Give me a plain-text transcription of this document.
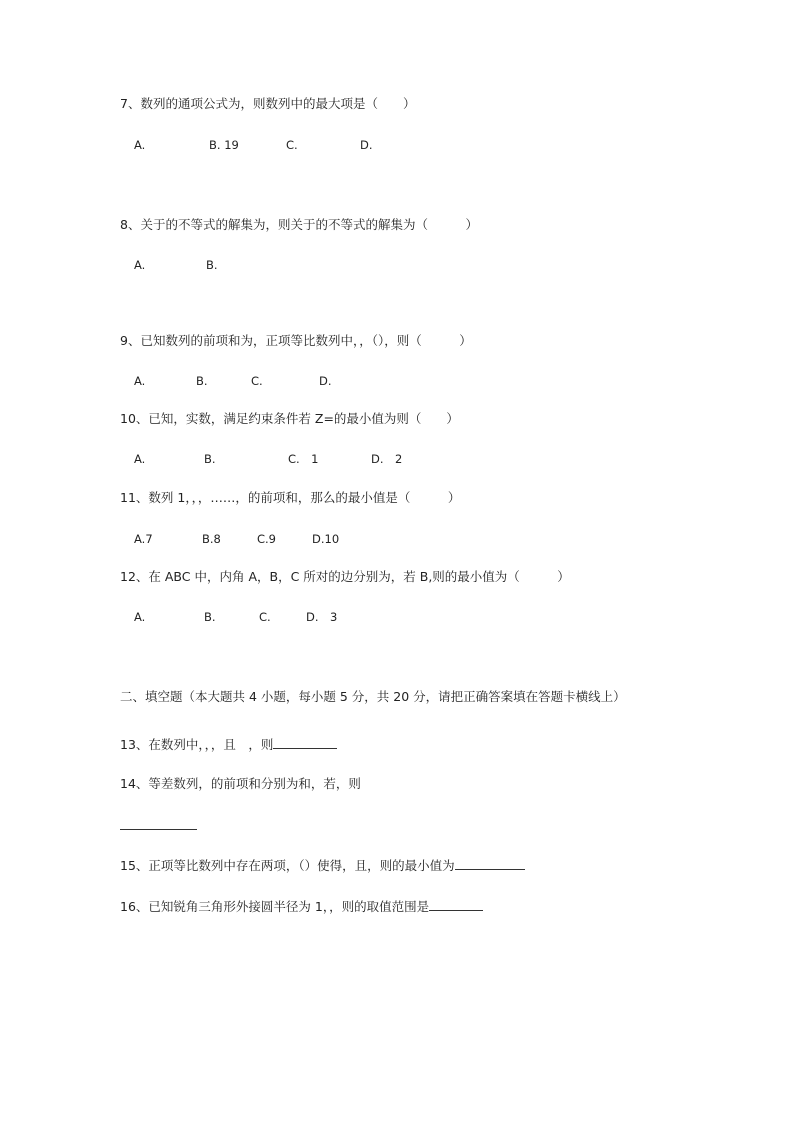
7、数列的通项公式为，则数列中的最大项是（　　）
A.	B. 19	C.	D.
8、关于的不等式的解集为，则关于的不等式的解集为（　　　）
A.	B.
9、已知数列的前项和为，正项等比数列中，，（），则（　　　）
A.	B.	C.	D.
10、已知，实数，满足约束条件若 Z=的最小值为则（　　）
A.	B.	C.　1	D.　2
11、数列 1，，，……，的前项和，那么的最小值是（　　　）
A.7	B.8	C.9	D.10
12、在 ABC 中，内角 A，B，C 所对的边分别为，若 B,则的最小值为（　　　）
A.	B.	C.	D.　3
二、填空题（本大题共 4 小题，每小题 5 分，共 20 分，请把正确答案填在答题卡横线上）
13、在数列中，，，且　，则
14、等差数列，的前项和分别为和，若，则
15、正项等比数列中存在两项，（）使得，且，则的最小值为
16、已知锐角三角形外接圆半径为 1，，则的取值范围是
